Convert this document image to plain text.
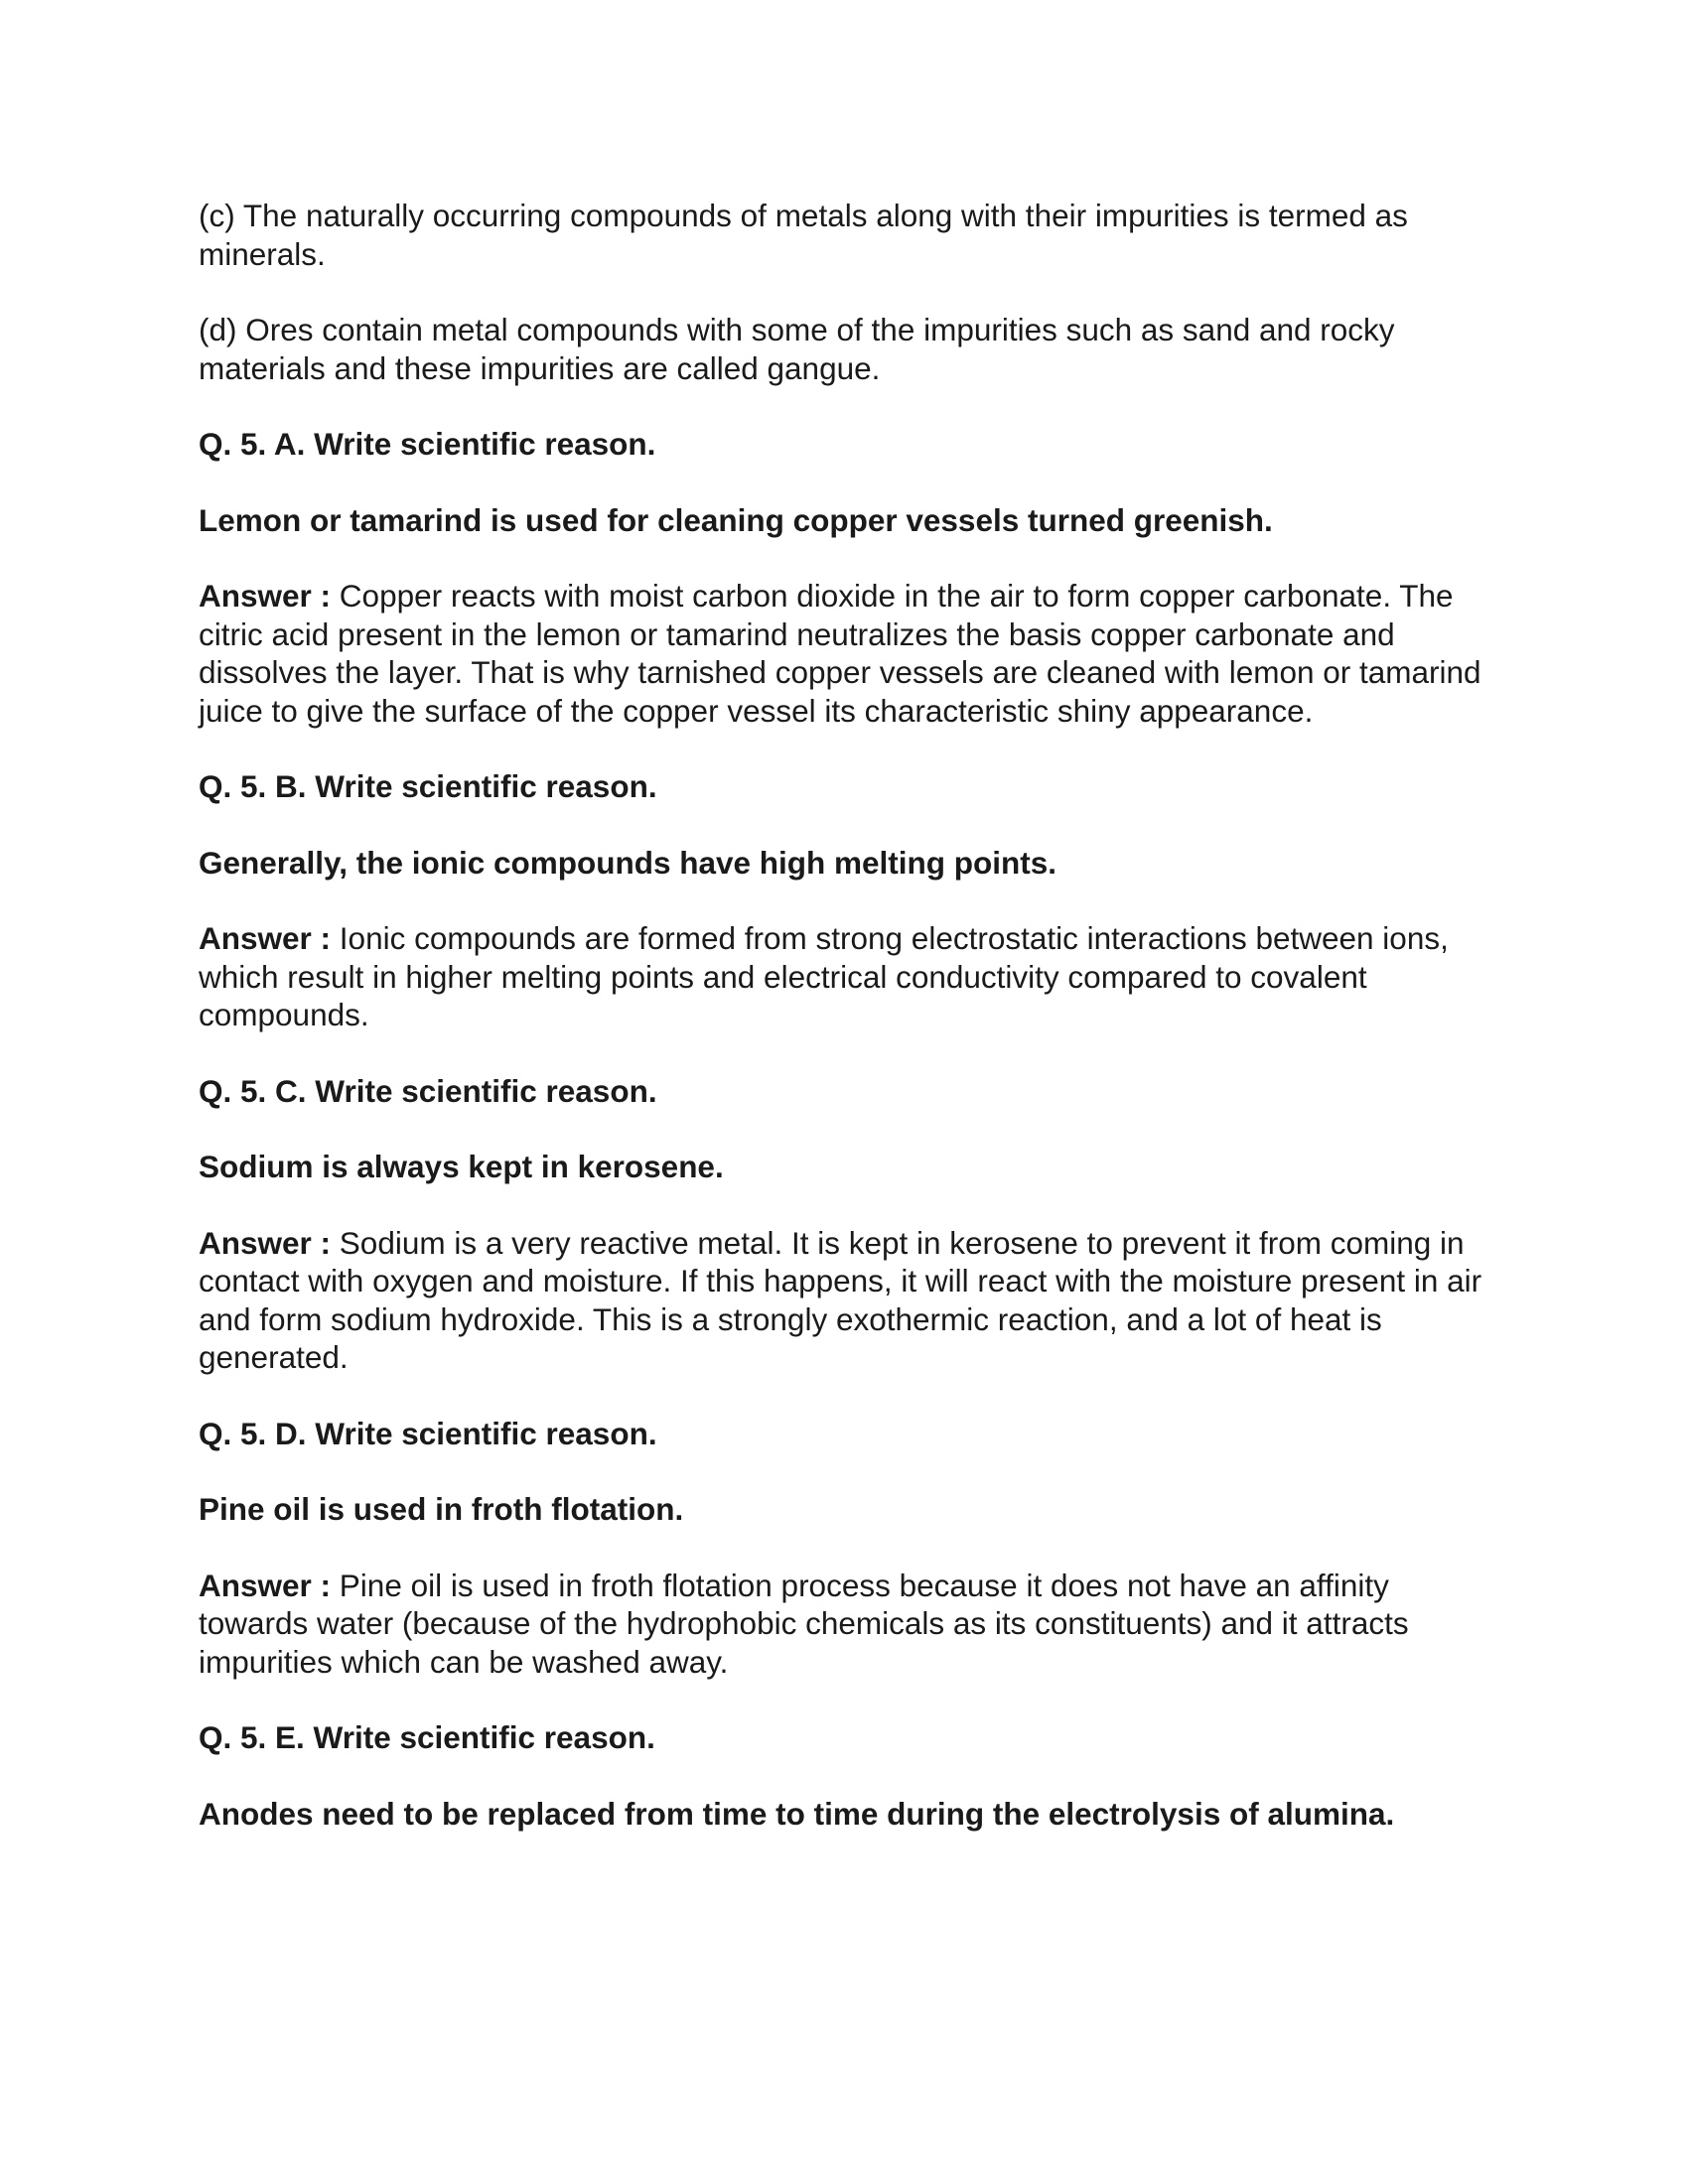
(c) The naturally occurring compounds of metals along with their impurities is termed as minerals.

(d) Ores contain metal compounds with some of the impurities such as sand and rocky materials and these impurities are called gangue.

Q. 5. A. Write scientific reason.

Lemon or tamarind is used for cleaning copper vessels turned greenish.

Answer : Copper reacts with moist carbon dioxide in the air to form copper carbonate. The citric acid present in the lemon or tamarind neutralizes the basis copper carbonate and dissolves the layer. That is why tarnished copper vessels are cleaned with lemon or tamarind juice to give the surface of the copper vessel its characteristic shiny appearance.

Q. 5. B. Write scientific reason.

Generally, the ionic compounds have high melting points.

Answer : Ionic compounds are formed from strong electrostatic interactions between ions, which result in higher melting points and electrical conductivity compared to covalent compounds.

Q. 5. C. Write scientific reason.

Sodium is always kept in kerosene.

Answer : Sodium is a very reactive metal. It is kept in kerosene to prevent it from coming in contact with oxygen and moisture. If this happens, it will react with the moisture present in air and form sodium hydroxide. This is a strongly exothermic reaction, and a lot of heat is generated.

Q. 5. D. Write scientific reason.

Pine oil is used in froth flotation.

Answer : Pine oil is used in froth flotation process because it does not have an affinity towards water (because of the hydrophobic chemicals as its constituents) and it attracts impurities which can be washed away.

Q. 5. E. Write scientific reason.

Anodes need to be replaced from time to time during the electrolysis of alumina.
